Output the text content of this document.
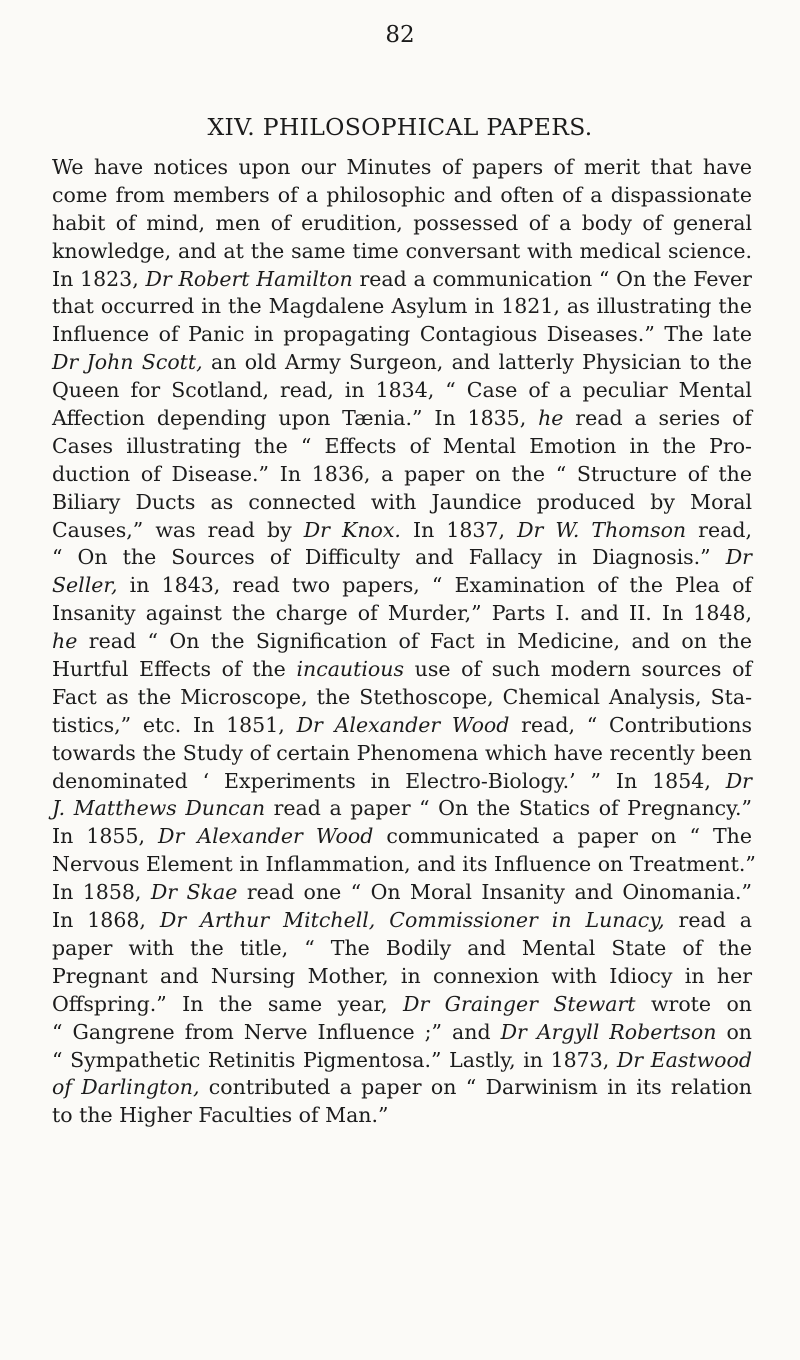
82
XIV. PHILOSOPHICAL PAPERS.
We have notices upon our Minutes of papers of merit that have
come from members of a philosophic and often of a dispassionate
habit of mind, men of erudition, possessed of a body of general
knowledge, and at the same time conversant with medical science.
In 1823, Dr Robert Hamilton read a communication “ On the Fever
that occurred in the Magdalene Asylum in 1821, as illustrating the
Influence of Panic in propagating Contagious Diseases.” The late
Dr John Scott, an old Army Surgeon, and latterly Physician to the
Queen for Scotland, read, in 1834, “ Case of a peculiar Mental
Affection depending upon Tænia.” In 1835, he read a series of
Cases illustrating the “ Effects of Mental Emotion in the Pro-
duction of Disease.” In 1836, a paper on the “ Structure of the
Biliary Ducts as connected with Jaundice produced by Moral
Causes,” was read by Dr Knox. In 1837, Dr W. Thomson read,
“ On the Sources of Difficulty and Fallacy in Diagnosis.” Dr
Seller, in 1843, read two papers, “ Examination of the Plea of
Insanity against the charge of Murder,” Parts I. and II. In 1848,
he read “ On the Signification of Fact in Medicine, and on the
Hurtful Effects of the incautious use of such modern sources of
Fact as the Microscope, the Stethoscope, Chemical Analysis, Sta-
tistics,” etc. In 1851, Dr Alexander Wood read, “ Contributions
towards the Study of certain Phenomena which have recently been
denominated ‘ Experiments in Electro-Biology.’ ” In 1854, Dr
J. Matthews Duncan read a paper “ On the Statics of Pregnancy.”
In 1855, Dr Alexander Wood communicated a paper on “ The
Nervous Element in Inflammation, and its Influence on Treatment.”
In 1858, Dr Skae read one “ On Moral Insanity and Oinomania.”
In 1868, Dr Arthur Mitchell, Commissioner in Lunacy, read a
paper with the title, “ The Bodily and Mental State of the
Pregnant and Nursing Mother, in connexion with Idiocy in her
Offspring.” In the same year, Dr Grainger Stewart wrote on
“ Gangrene from Nerve Influence ;” and Dr Argyll Robertson on
“ Sympathetic Retinitis Pigmentosa.” Lastly, in 1873, Dr Eastwood
of Darlington, contributed a paper on “ Darwinism in its relation
to the Higher Faculties of Man.”
